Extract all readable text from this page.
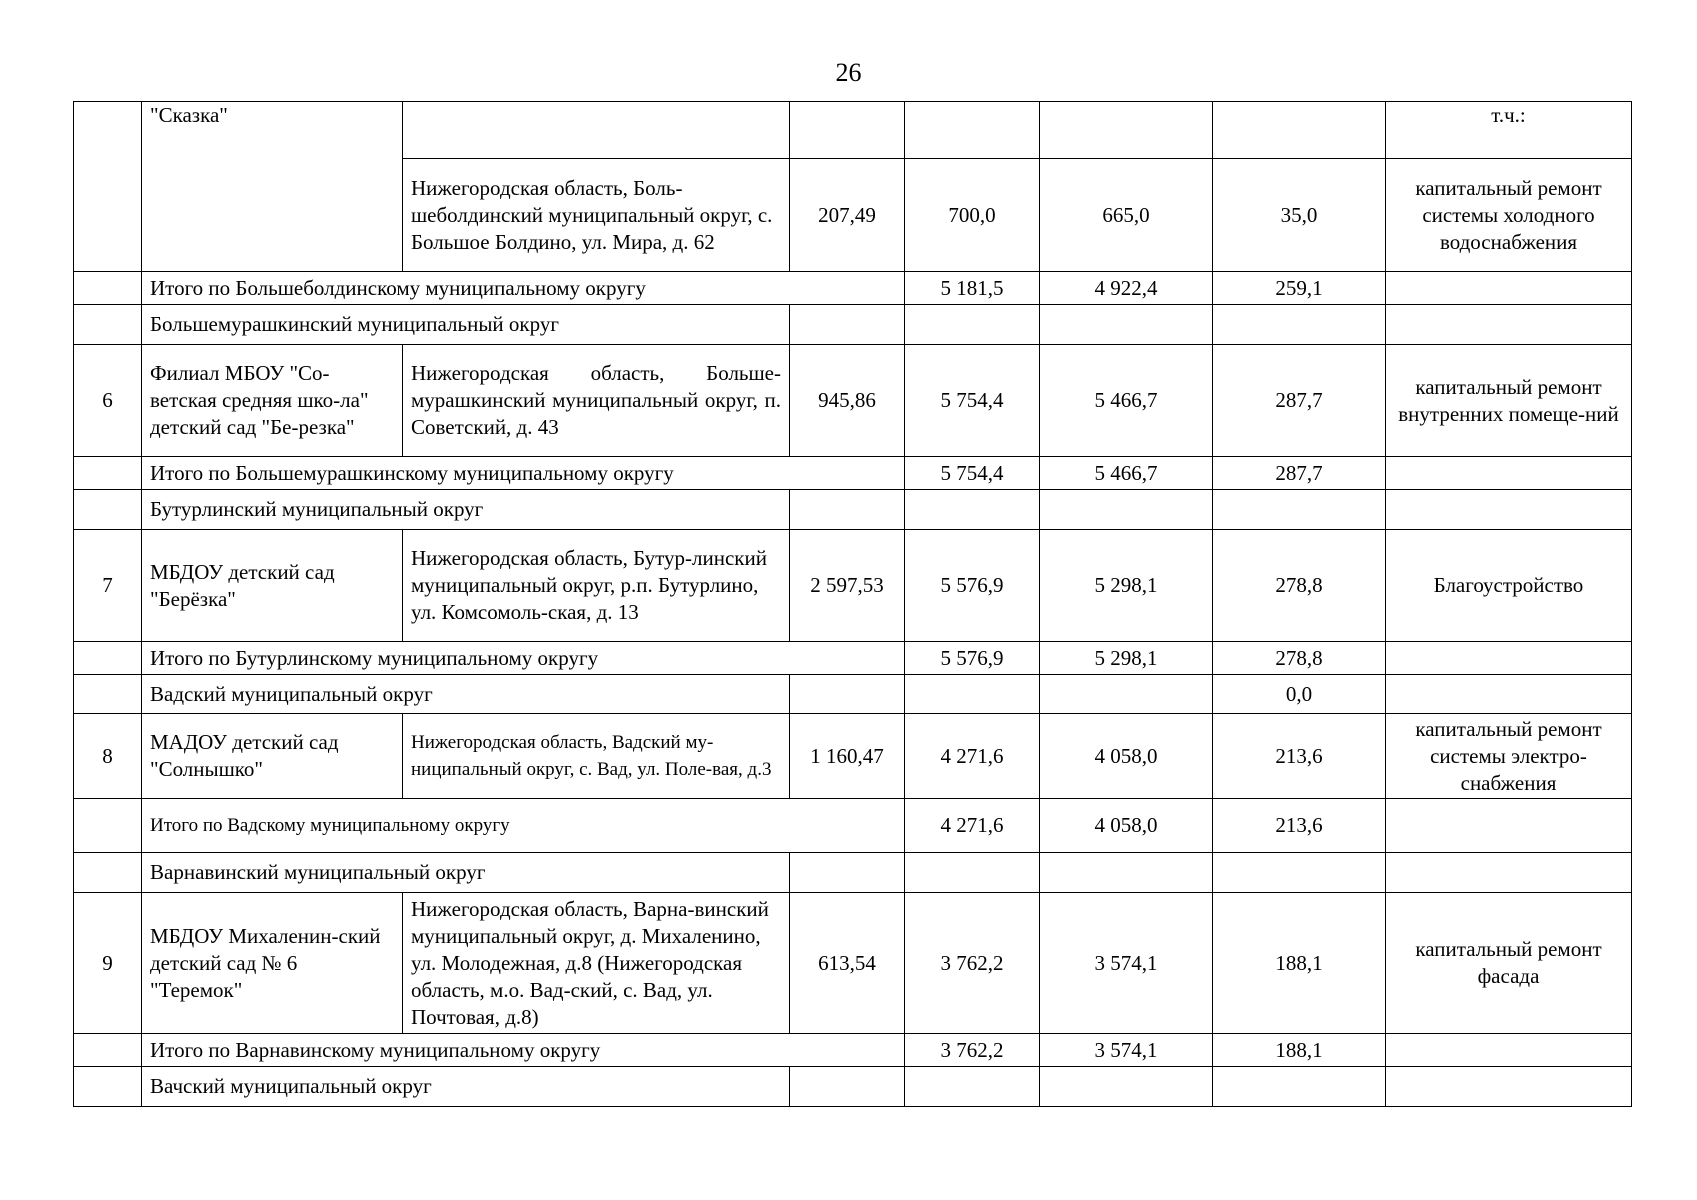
26
	"Сказка"						т.ч.:
		Нижегородская область, Боль-шеболдинский муниципальный округ, с. Большое Болдино, ул. Мира, д. 62	207,49	700,0	665,0	35,0	капитальный ремонт системы холодного водоснабжения
	Итого по Большеболдинскому муниципальному округу			5 181,5	4 922,4	259,1	
	Большемурашкинский муниципальный округ						
6	Филиал МБОУ "Со-ветская средняя шко-ла" детский сад "Бе-резка"	Нижегородская область, Больше-мурашкинский муниципальный округ, п. Советский, д. 43	945,86	5 754,4	5 466,7	287,7	капитальный ремонт внутренних помеще-ний
	Итого по Большемурашкинскому муниципальному округу			5 754,4	5 466,7	287,7	
	Бутурлинский муниципальный округ						
7	МБДОУ детский сад "Берёзка"	Нижегородская область, Бутур-линский муниципальный округ, р.п. Бутурлино, ул. Комсомоль-ская, д. 13	2 597,53	5 576,9	5 298,1	278,8	Благоустройство
	Итого по Бутурлинскому муниципальному округу			5 576,9	5 298,1	278,8	
	Вадский муниципальный округ					0,0	
8	МАДОУ детский сад "Солнышко"	Нижегородская область, Вадский му-ниципальный округ, с. Вад, ул. Поле-вая, д.3	1 160,47	4 271,6	4 058,0	213,6	капитальный ремонт системы электро-снабжения
	Итого по Вадскому муниципальному округу			4 271,6	4 058,0	213,6	
	Варнавинский муниципальный округ						
9	МБДОУ Михаленин-ский детский сад № 6 "Теремок"	Нижегородская область, Варна-винский муниципальный округ, д. Михаленино, ул. Молодежная, д.8 (Нижегородская область, м.о. Вад-ский, с. Вад, ул. Почтовая, д.8)	613,54	3 762,2	3 574,1	188,1	капитальный ремонт фасада
	Итого по Варнавинскому муниципальному округу			3 762,2	3 574,1	188,1	
	Вачский муниципальный округ						
